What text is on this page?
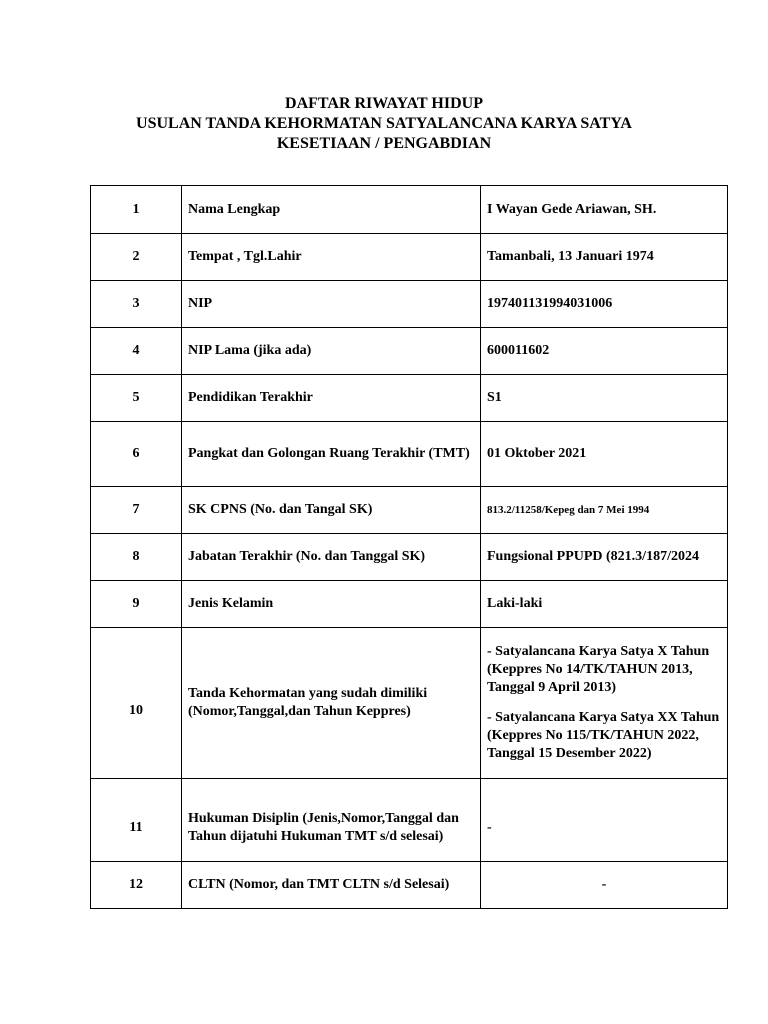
DAFTAR RIWAYAT HIDUP
USULAN TANDA KEHORMATAN SATYALANCANA KARYA SATYA
KESETIAAN / PENGABDIAN
1	Nama Lengkap	I Wayan Gede Ariawan, SH.
2	Tempat , Tgl.Lahir	Tamanbali, 13 Januari 1974
3	NIP	197401131994031006
4	NIP Lama (jika ada)	600011602
5	Pendidikan Terakhir	S1
6	Pangkat dan Golongan Ruang Terakhir (TMT)	01 Oktober 2021
7	SK CPNS (No. dan Tangal SK)	813.2/11258/Kepeg dan 7 Mei 1994
8	Jabatan Terakhir (No. dan Tanggal SK)	Fungsional PPUPD (821.3/187/2024
9	Jenis Kelamin	Laki-laki
10	Tanda Kehormatan yang sudah dimiliki (Nomor,Tanggal,dan Tahun Keppres)	- Satyalancana Karya Satya X Tahun (Keppres No 14/TK/TAHUN 2013, Tanggal 9 April 2013)

- Satyalancana Karya Satya XX Tahun (Keppres No 115/TK/TAHUN 2022, Tanggal 15 Desember 2022)

11	Hukuman Disiplin (Jenis,Nomor,Tanggal dan Tahun dijatuhi Hukuman TMT s/d selesai)	-
12	CLTN (Nomor, dan TMT CLTN s/d Selesai)	-
